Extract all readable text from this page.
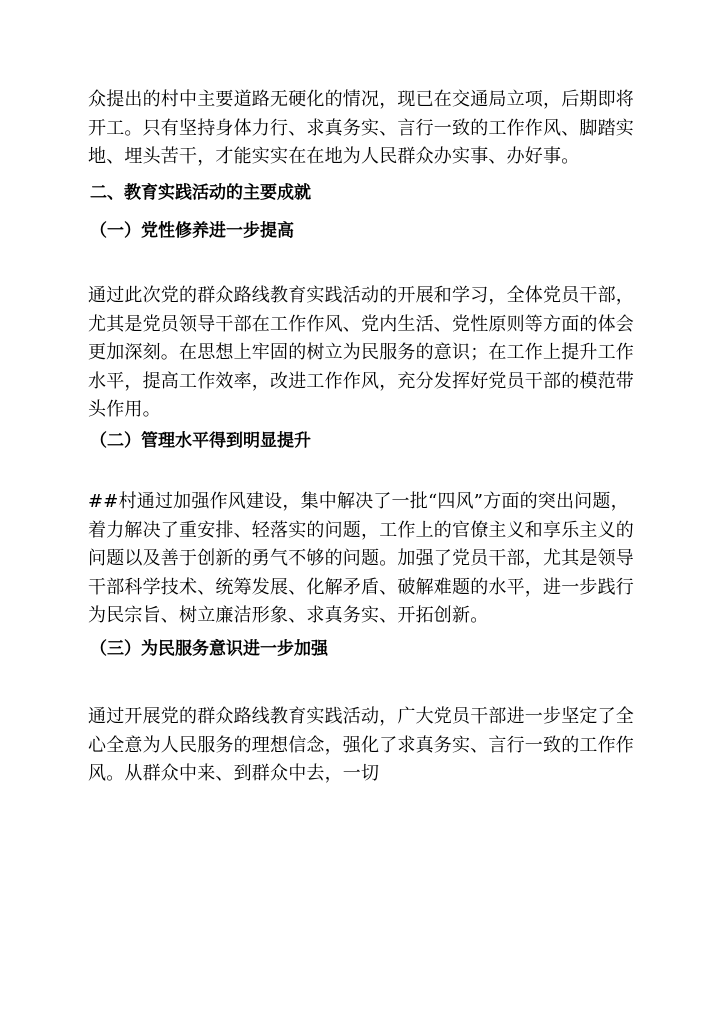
众提出的村中主要道路无硬化的情况，现已在交通局立项，后期即将
开工。只有坚持身体力行、求真务实、言行一致的工作作风、脚踏实
地、埋头苦干，才能实实在在地为人民群众办实事、办好事。

二、教育实践活动的主要成就
（一）党性修养进一步提高

通过此次党的群众路线教育实践活动的开展和学习，全体党员干部，
尤其是党员领导干部在工作作风、党内生活、党性原则等方面的体会
更加深刻。在思想上牢固的树立为民服务的意识；在工作上提升工作
水平，提高工作效率，改进工作作风，充分发挥好党员干部的模范带
头作用。

（二）管理水平得到明显提升

##村通过加强作风建设，集中解决了一批“四风”方面的突出问题，
着力解决了重安排、轻落实的问题，工作上的官僚主义和享乐主义的
问题以及善于创新的勇气不够的问题。加强了党员干部，尤其是领导
干部科学技术、统筹发展、化解矛盾、破解难题的水平，进一步践行
为民宗旨、树立廉洁形象、求真务实、开拓创新。

（三）为民服务意识进一步加强

通过开展党的群众路线教育实践活动，广大党员干部进一步坚定了全
心全意为人民服务的理想信念，强化了求真务实、言行一致的工作作
风。从群众中来、到群众中去，一切
